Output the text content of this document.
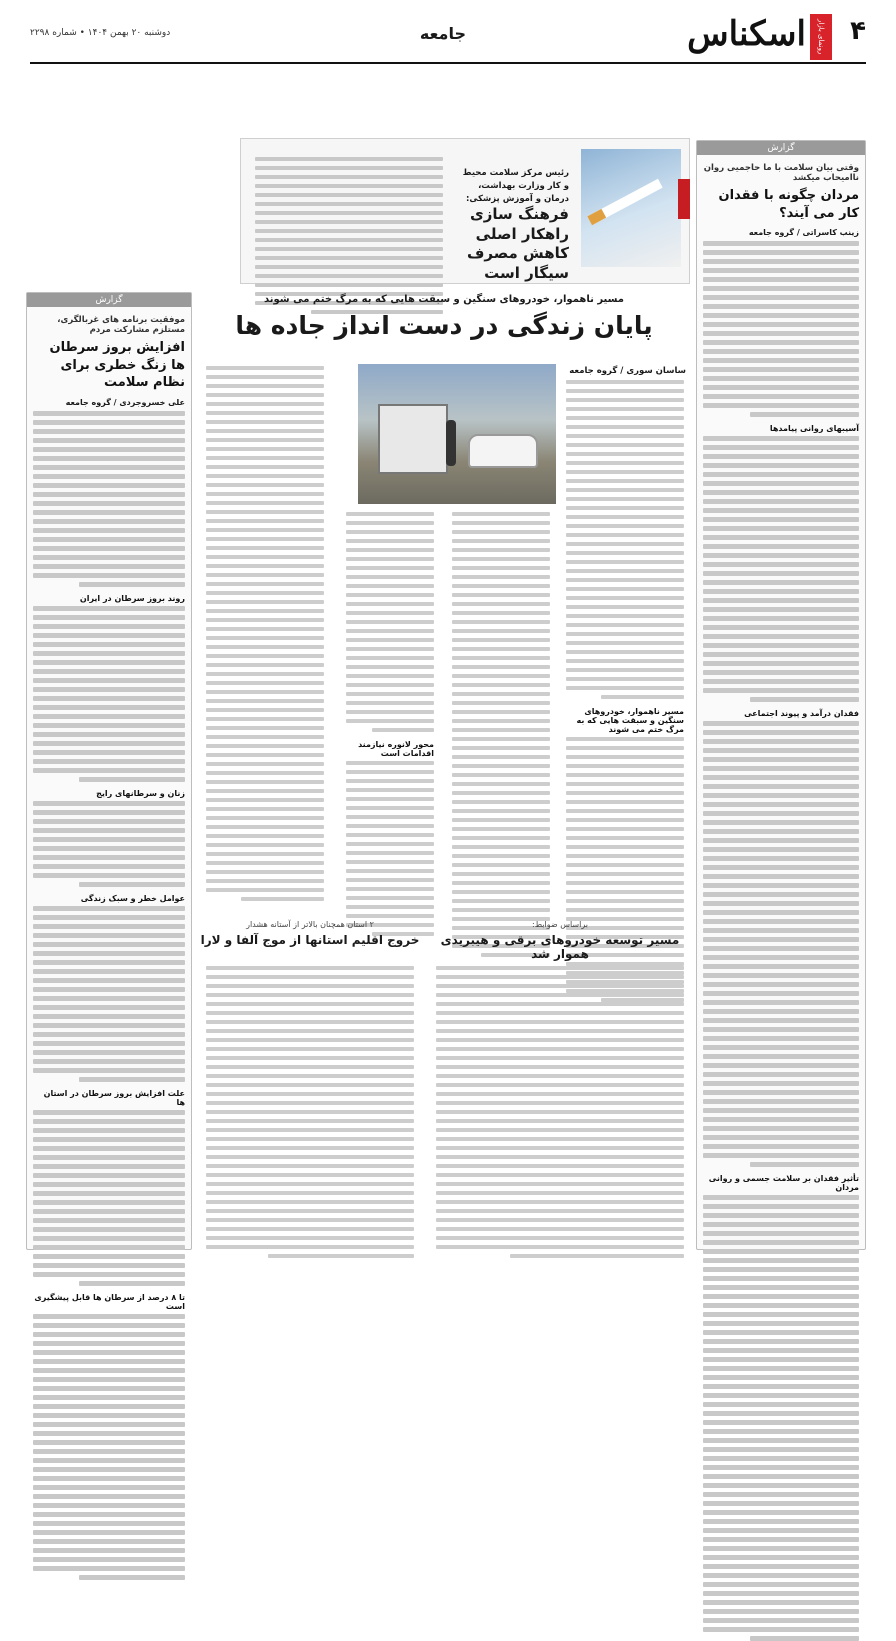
۴
رونمای بازار
اسکناس
جامعه
دوشنبه ۲۰ بهمن ۱۴۰۴ • شماره ۲۲۹۸
گزارش
وقتی بیان سلامت با ما حاجمیی روان ناامیحاب میکشد
مردان چگونه با فقدان کار می آیند؟
زینب کاسراتی / گروه جامعه
آسیبهای روانی پیامدها
فقدان درآمد و پیوند اجتماعی
تأثیر فقدان بر سلامت جسمی و روانی مردان
گزارش
موفقیت برنامه های غربالگری، مستلزم مشارکت مردم
افزایش بروز سرطان ها زنگ خطری برای نظام سلامت
علی خسروجردی / گروه جامعه
روند بروز سرطان در ایران
زنان و سرطانهای رایج
عوامل خطر و سبک زندگی
علت افزایش بروز سرطان در استان ها
تا ۸ درصد از سرطان ها قابل پیشگیری است
رئیس مرکز سلامت محیط و کار وزارت بهداشت، درمان و آموزش پزشکی:
فرهنگ سازی راهکار اصلی کاهش مصرف سیگار است
مسیر ناهموار، خودروهای سنگین و سبقت هایی که به مرگ ختم می شوند
پایان زندگی در دست انداز جاده ها
ساسان سوری / گروه جامعه
مسیر ناهموار، خودروهای سنگین و سبقت هایی که به مرگ ختم می شوند
محور لانوره نیازمند اقدامات است
براساس ضوابط:
مسیر توسعه خودروهای برقی و هیبریدی هموار شد
۲ استان همچنان بالاتر از آستانه هشدار
خروج اقلیم استانها از موج آلفا و لارا
